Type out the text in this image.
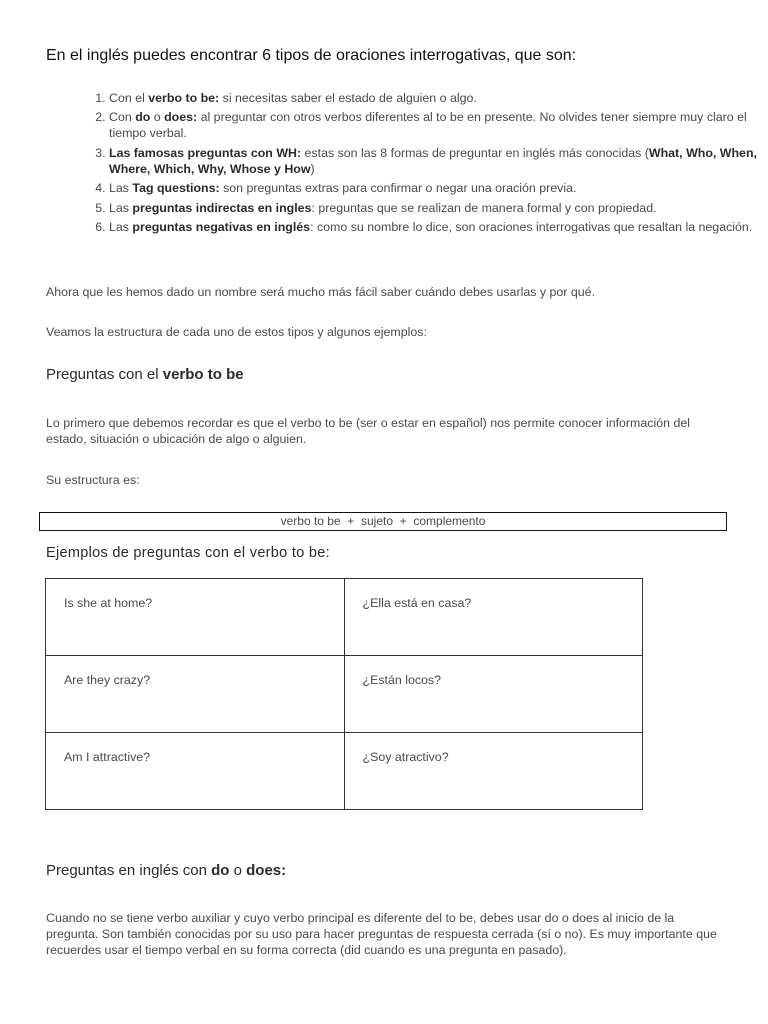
En el inglés puedes encontrar 6 tipos de oraciones interrogativas, que son:
1. Con el verbo to be: si necesitas saber el estado de alguien o algo.
2. Con do o does: al preguntar con otros verbos diferentes al to be en presente. No olvides tener siempre muy claro el tiempo verbal.
3. Las famosas preguntas con WH: estas son las 8 formas de preguntar en inglés más conocidas (What, Who, When, Where, Which, Why, Whose y How)
4. Las Tag questions: son preguntas extras para confirmar o negar una oración previa.
5. Las preguntas indirectas en ingles: preguntas que se realizan de manera formal y con propiedad.
6. Las preguntas negativas en inglés: como su nombre lo dice, son oraciones interrogativas que resaltan la negación.
Ahora que les hemos dado un nombre será mucho más fácil saber cuándo debes usarlas y por qué.
Veamos la estructura de cada uno de estos tipos y algunos ejemplos:
Preguntas con el verbo to be
Lo primero que debemos recordar es que el verbo to be (ser o estar en español) nos permite conocer información del estado, situación o ubicación de algo o alguien.
Su estructura es:
verbo to be  +  sujeto  +  complemento
Ejemplos de preguntas con el verbo to be:
Is she at home?	¿Ella está en casa?
Are they crazy?	¿Están locos?
Am I attractive?	¿Soy atractivo?
Preguntas en inglés con do o does:
Cuando no se tiene verbo auxiliar y cuyo verbo principal es diferente del to be, debes usar do o does al inicio de la pregunta. Son también conocidas por su uso para hacer preguntas de respuesta cerrada (sí o no). Es muy importante que recuerdes usar el tiempo verbal en su forma correcta (did cuando es una pregunta en pasado).
